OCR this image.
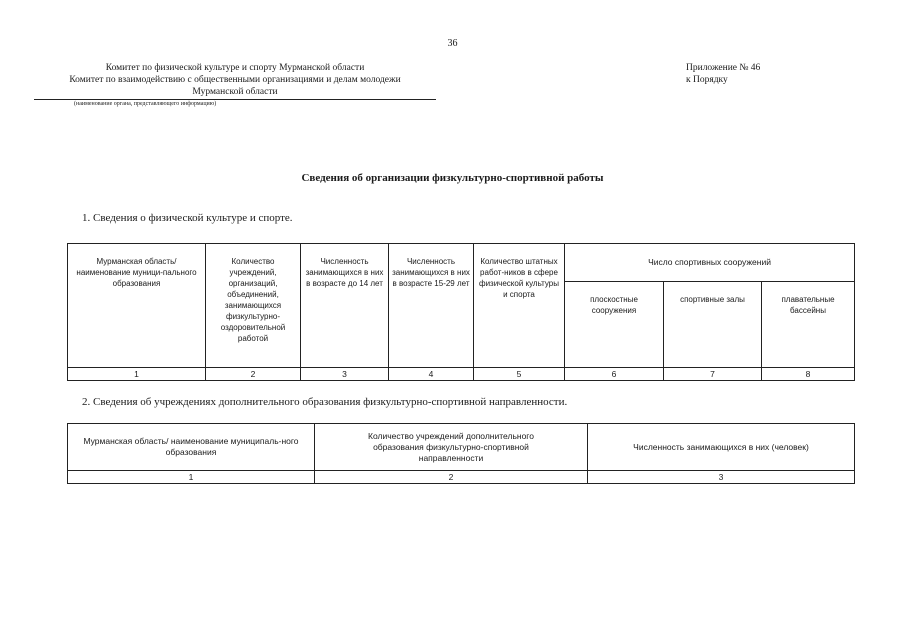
36
Комитет по физической культуре и спорту Мурманской области
Комитет по взаимодействию с общественными организациями и делам молодежи
Мурманской области
(наименование органа, представляющего информацию)
Приложение № 46
к Порядку
Сведения об организации физкультурно-спортивной работы
1. Сведения о физической культуре и спорте.
Мурманская область/ наименование муници-пального образования	Количество учреждений, организаций, объединений, занимающихся физкультурно-оздоровительной работой	Численность занимающихся в них в возрасте до 14 лет	Численность занимающихся в них в возрасте 15-29 лет	Количество штатных работ-ников в сфере физической культуры и спорта	Число спортивных сооружений		
					плоскостные сооружения	спортивные залы	плавательные бассейны
1	2	3	4	5	6	7	8
2. Сведения об учреждениях дополнительного образования физкультурно-спортивной направленности.
Мурманская область/ наименование муниципаль-ного образования	Количество учреждений дополнительного образования физкультурно-спортивной направленности	Численность занимающихся в них (человек)
1	2	3
